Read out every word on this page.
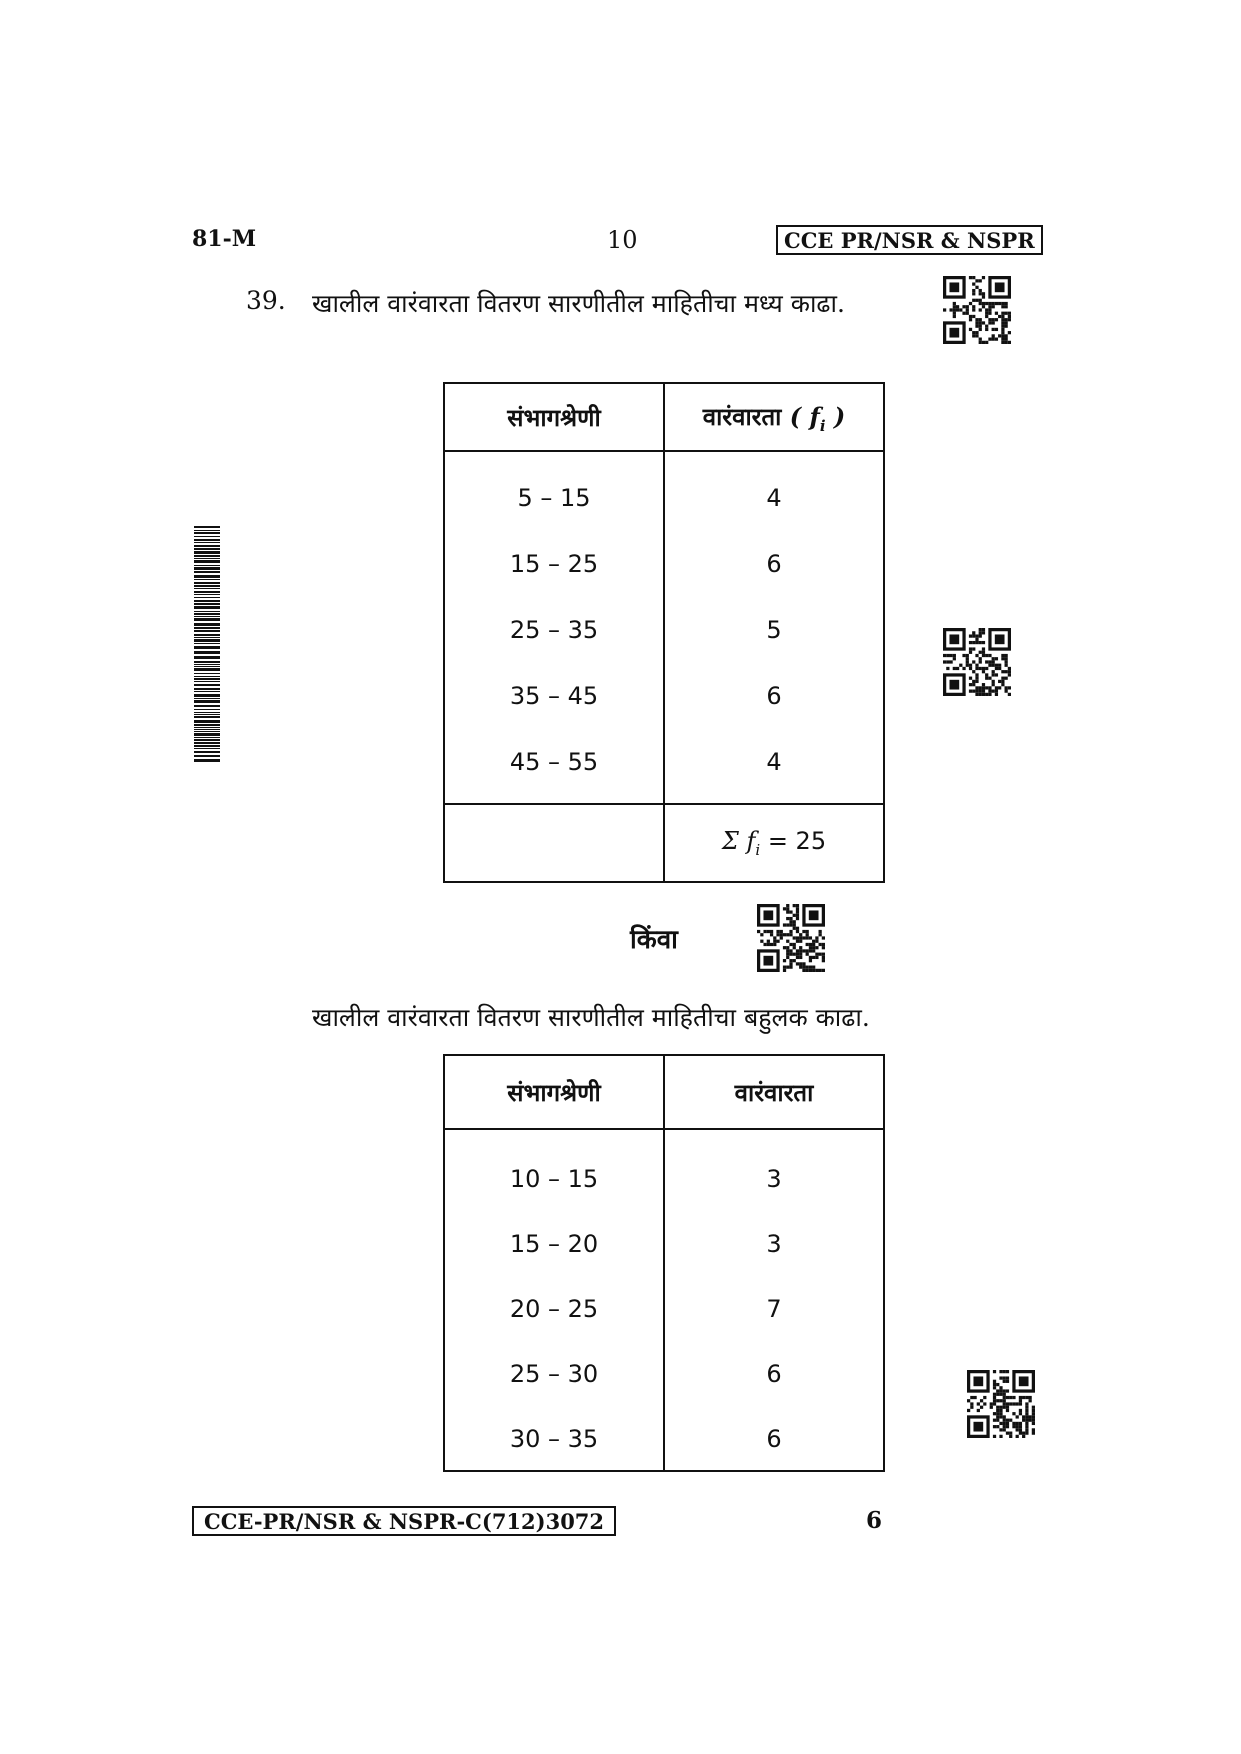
81-M	10	CCE PR/NSR & NSPR
39. खालील वारंवारता वितरण सारणीतील माहितीचा मध्य काढा.
संभागश्रेणी	वारंवारता ( $f_i$ )
5 – 15	4
15 – 25	6
25 – 35	5
35 – 45	6
45 – 55	4
	Σ $f_i = 25$
किंवा
खालील वारंवारता वितरण सारणीतील माहितीचा बहुलक काढा.
संभागश्रेणी	वारंवारता
10 – 15	3
15 – 20	3
20 – 25	7
25 – 30	6
30 – 35	6
CCE-PR/NSR & NSPR-C(712)3072	6
